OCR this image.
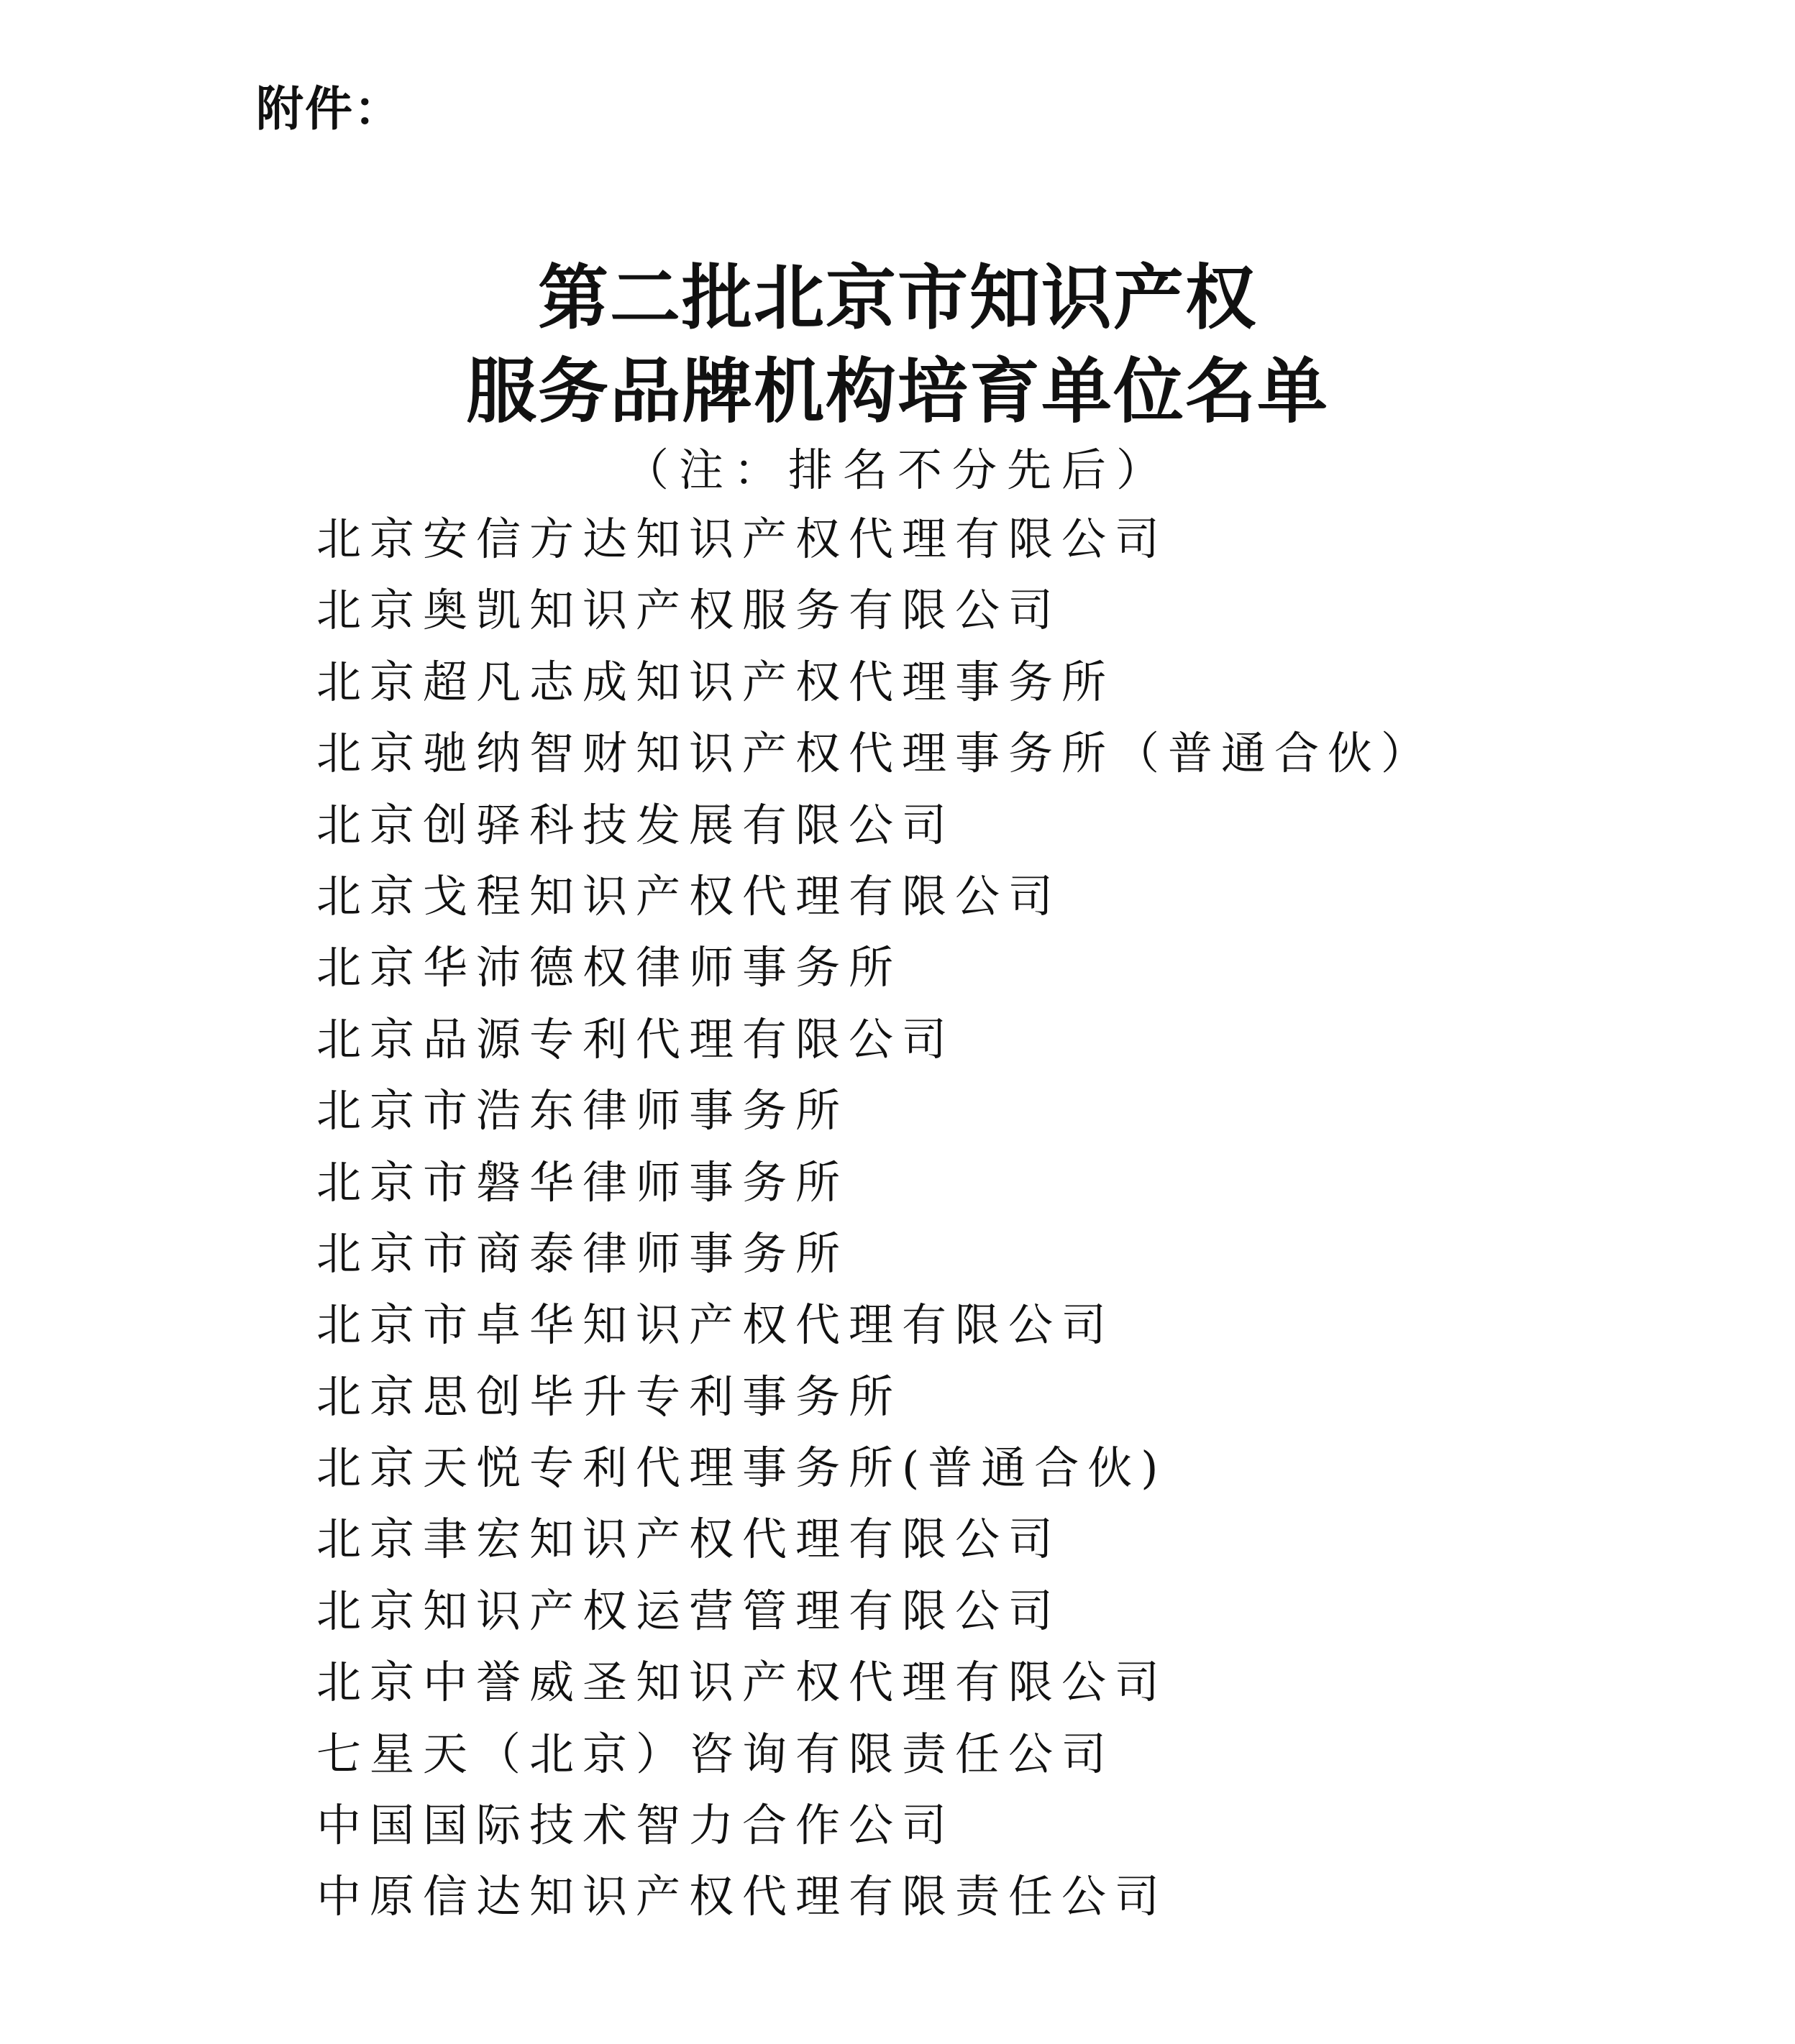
附件：
第二批北京市知识产权
服务品牌机构培育单位名单
（注：排名不分先后）
北京安信方达知识产权代理有限公司
北京奥凯知识产权服务有限公司
北京超凡志成知识产权代理事务所
北京驰纳智财知识产权代理事务所（普通合伙）
北京创驿科技发展有限公司
北京戈程知识产权代理有限公司
北京华沛德权律师事务所
北京品源专利代理有限公司
北京市浩东律师事务所
北京市磐华律师事务所
北京市商泰律师事务所
北京市卓华知识产权代理有限公司
北京思创毕升专利事务所
北京天悦专利代理事务所(普通合伙)
北京聿宏知识产权代理有限公司
北京知识产权运营管理有限公司
北京中誉威圣知识产权代理有限公司
七星天（北京）咨询有限责任公司
中国国际技术智力合作公司
中原信达知识产权代理有限责任公司
